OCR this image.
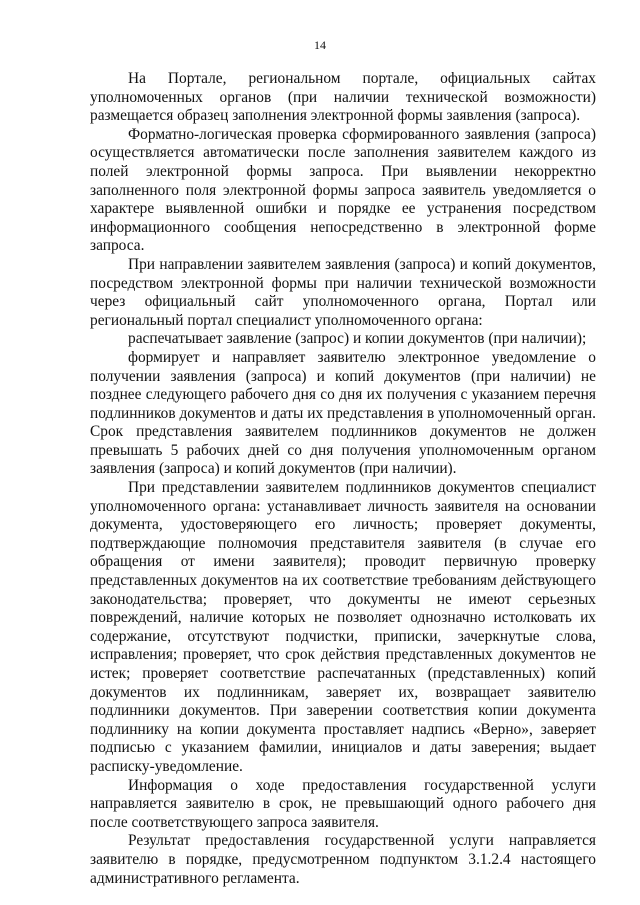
14

На Порталe, региональном портале, официальных сайтах уполномоченных органов (при наличии технической возможности) размещается образец заполнения электронной формы заявления (запроса).

Форматно-логическая проверка сформированного заявления (запроса) осуществляется автоматически после заполнения заявителем каждого из полей электронной формы запроса. При выявлении некорректно заполненного поля электронной формы запроса заявитель уведомляется о характере выявленной ошибки и порядке ее устранения посредством информационного сообщения непосредственно в электронной форме запроса.

При направлении заявителем заявления (запроса) и копий документов, посредством электронной формы при наличии технической возможности через официальный сайт уполномоченного органа, Портал или региональный портал специалист уполномоченного органа:

распечатывает заявление (запрос) и копии документов (при наличии);

формирует и направляет заявителю электронное уведомление о получении заявления (запроса) и копий документов (при наличии) не позднее следующего рабочего дня со дня их получения с указанием перечня подлинников документов и даты их представления в уполномоченный орган. Срок представления заявителем подлинников документов не должен превышать 5 рабочих дней со дня получения уполномоченным органом заявления (запроса) и копий документов (при наличии).

При представлении заявителем подлинников документов специалист уполномоченного органа: устанавливает личность заявителя на основании документа, удостоверяющего его личность; проверяет документы, подтверждающие полномочия представителя заявителя (в случае его обращения от имени заявителя); проводит первичную проверку представленных документов на их соответствие требованиям действующего законодательства; проверяет, что документы не имеют серьезных повреждений, наличие которых не позволяет однозначно истолковать их содержание, отсутствуют подчистки, приписки, зачеркнутые слова, исправления; проверяет, что срок действия представленных документов не истек; проверяет соответствие распечатанных (представленных) копий документов их подлинникам, заверяет их, возвращает заявителю подлинники документов. При заверении соответствия копии документа подлиннику на копии документа проставляет надпись «Верно», заверяет подписью с указанием фамилии, инициалов и даты заверения; выдает расписку-уведомление.

Информация о ходе предоставления государственной услуги направляется заявителю в срок, не превышающий одного рабочего дня после соответствующего запроса заявителя.

Результат предоставления государственной услуги направляется заявителю в порядке, предусмотренном подпунктом 3.1.2.4 настоящего административного регламента.
